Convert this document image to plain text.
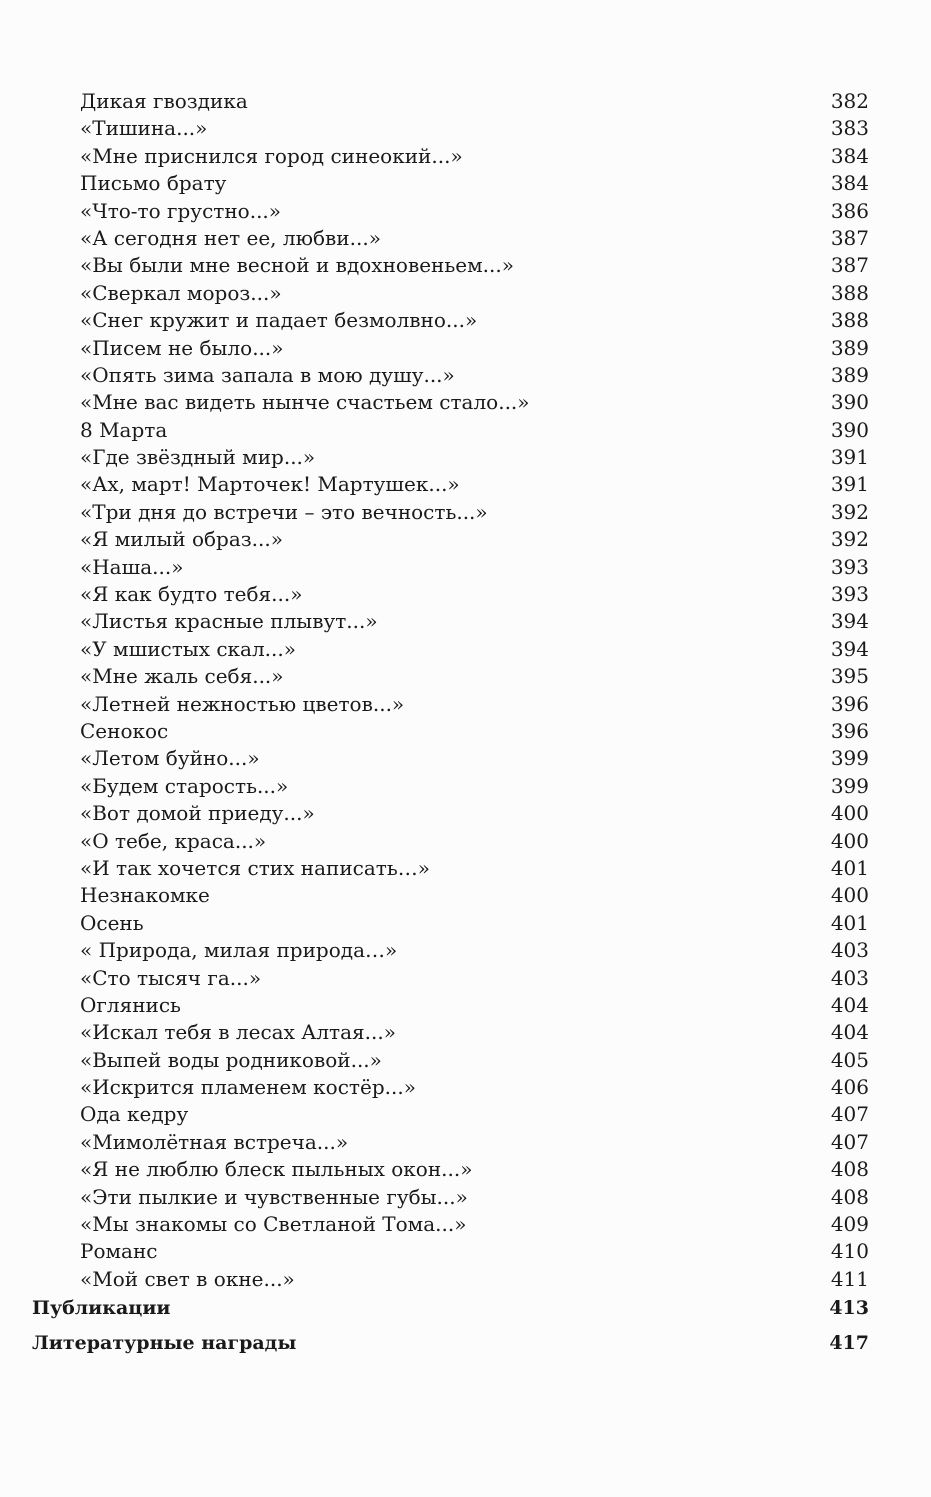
Дикая гвоздика	382
«Тишина...»	383
«Мне приснился город синеокий...»	384
Письмо брату	384
«Что-то грустно...»	386
«А сегодня нет ее, любви...»	387
«Вы были мне весной и вдохновеньем...»	387
«Сверкал мороз...»	388
«Снег кружит и падает безмолвно...»	388
«Писем не было...»	389
«Опять зима запала в мою душу...»	389
«Мне вас видеть нынче счастьем стало...»	390
8 Марта	390
«Где звёздный мир...»	391
«Ах, март! Марточек! Мартушек...»	391
«Три дня до встречи – это вечность...»	392
«Я милый образ...»	392
«Наша...»	393
«Я как будто тебя...»	393
«Листья красные плывут...»	394
«У мшистых скал...»	394
«Мне жаль себя...»	395
«Летней нежностью цветов...»	396
Сенокос	396
«Летом буйно...»	399
«Будем старость...»	399
«Вот домой приеду...»	400
«О тебе, краса...»	400
«И так хочется стих написать…»	401
Незнакомке	400
Осень	401
« Природа, милая природа…»	403
«Сто тысяч га...»	403
Оглянись	404
«Искал тебя в лесах Алтая...»	404
«Выпей воды родниковой...»	405
«Искрится пламенем костёр...»	406
Ода кедру	407
«Мимолётная встреча...»	407
«Я не люблю блеск пыльных окон...»	408
«Эти пылкие и чувственные губы...»	408
«Мы знакомы со Светланой Тома...»	409
Романс	410
«Мой свет в окне...»	411
Публикации	413
Литературные награды	417
